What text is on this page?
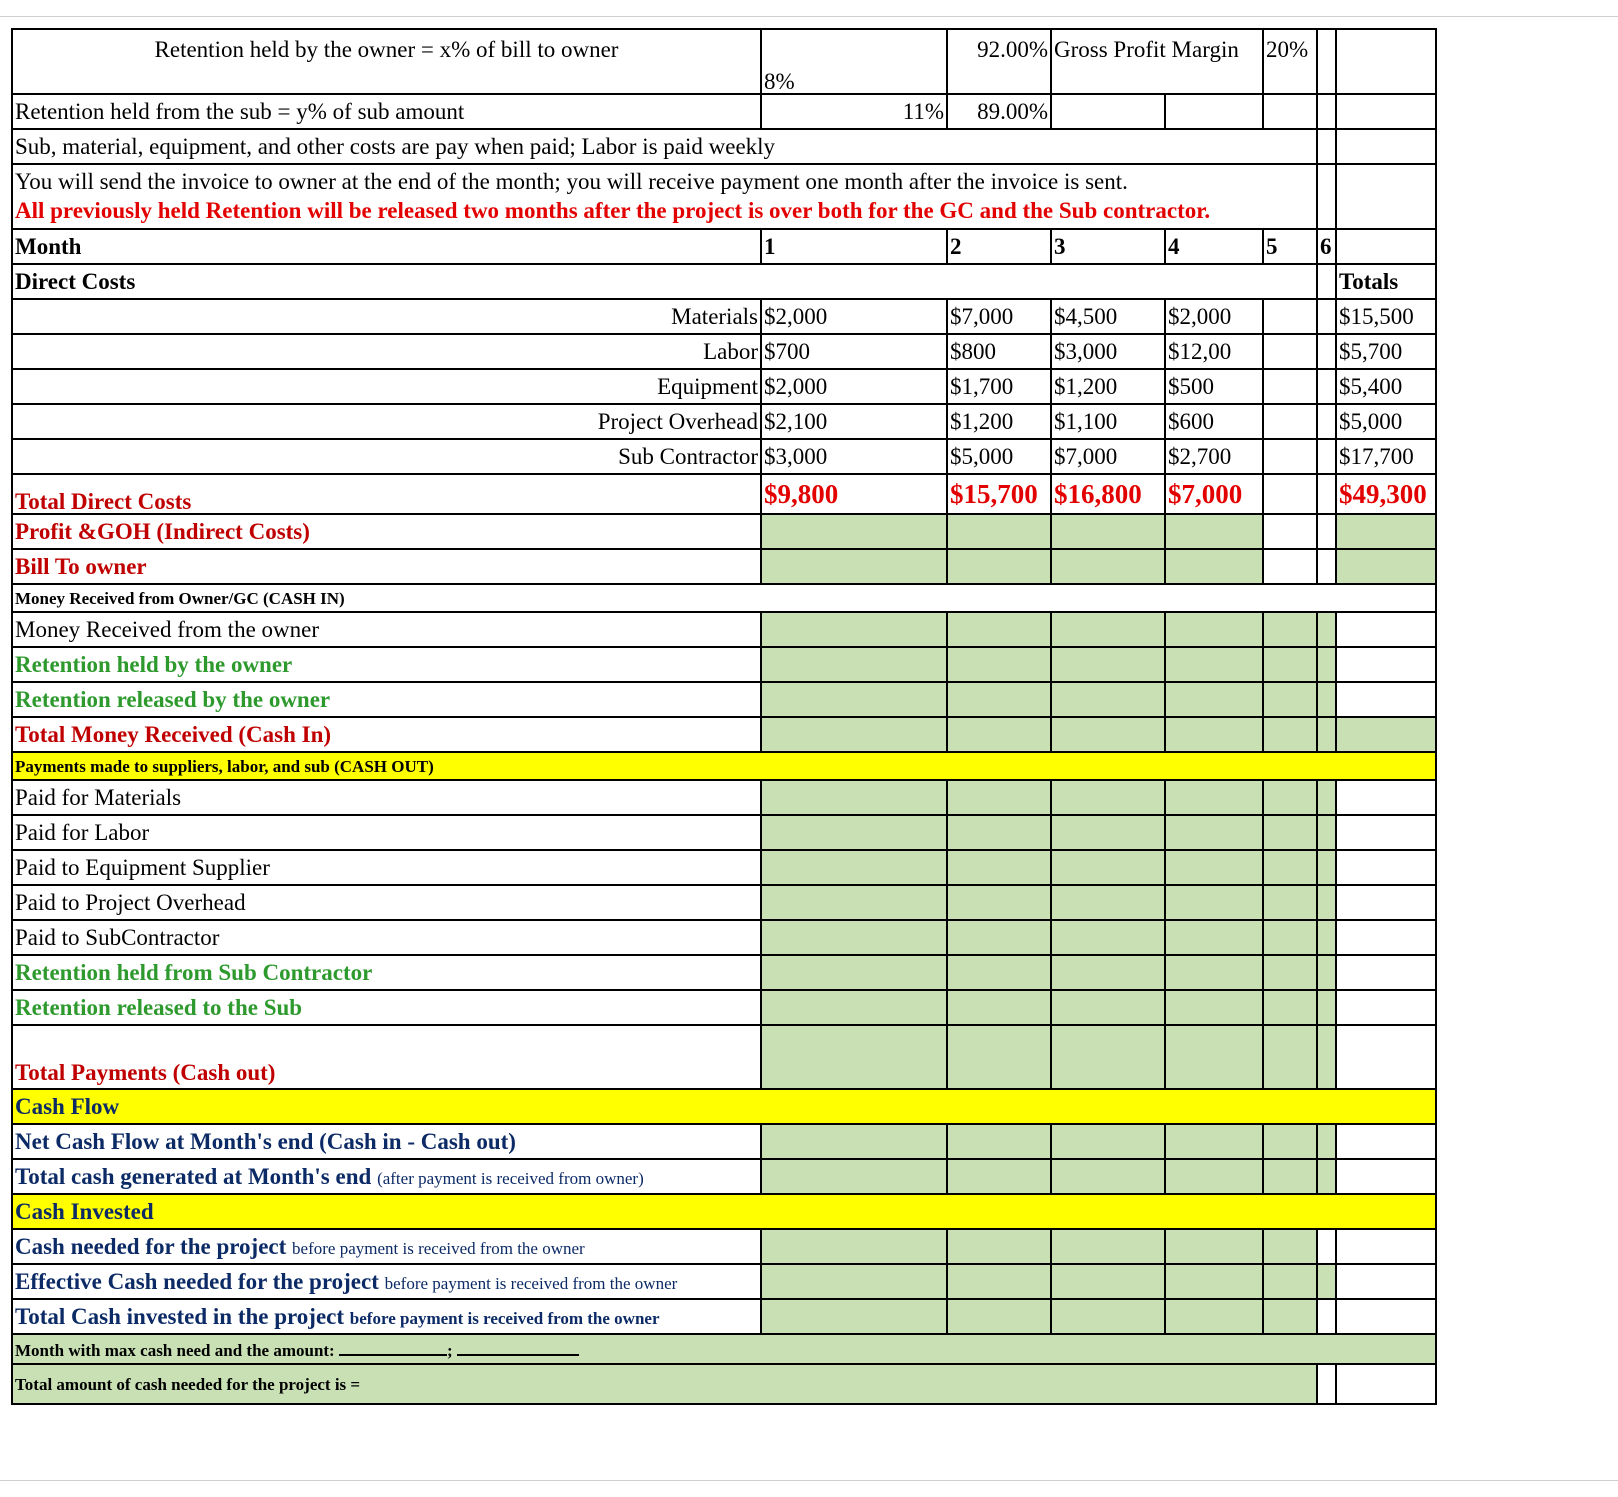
Retention held by the owner = x% of bill to owner	8%	92.00%	Gross Profit Margin		20%		
Retention held from the sub = y% of sub amount	11%	89.00%					
Sub, material, equipment, and other costs are pay when paid; Labor is paid weekly							

You will send the invoice to owner at the end of the month; you will receive payment one month after the invoice is sent.
All previously held Retention will be released two months after the project is over both for the GC and the Sub contractor.							

Month	1	2	3	4	5	6	
Direct Costs							Totals
Materials	$2,000	$7,000	$4,500	$2,000			$15,500
Labor	$700	$800	$3,000	$12,00			$5,700
Equipment	$2,000	$1,700	$1,200	$500			$5,400
Project Overhead	$2,100	$1,200	$1,100	$600			$5,000
Sub Contractor	$3,000	$5,000	$7,000	$2,700			$17,700
Total Direct Costs	$9,800	$15,700	$16,800	$7,000			$49,300
Profit &GOH (Indirect Costs)							
Bill To owner							
Money Received from Owner/GC (CASH IN)							
Money Received from the owner							
Retention held by the owner							
Retention released by the owner							
Total Money Received (Cash In)							
Payments made to suppliers, labor, and sub (CASH OUT)							
Paid for Materials							
Paid for Labor							
Paid to Equipment Supplier							
Paid to Project Overhead							
Paid to SubContractor							
Retention held from Sub Contractor							
Retention released to the Sub							
Total Payments (Cash out)							
Cash Flow							
Net Cash Flow at Month's end (Cash in - Cash out)							
Total cash generated at Month's end (after payment is received from owner)							
Cash Invested							
Cash needed for the project before payment is received from the owner							
Effective Cash needed for the project before payment is received from the owner							
Total Cash invested in the project before payment is received from the owner							
Month with max cash need and the amount: ;							
Total amount of cash needed for the project is =							
